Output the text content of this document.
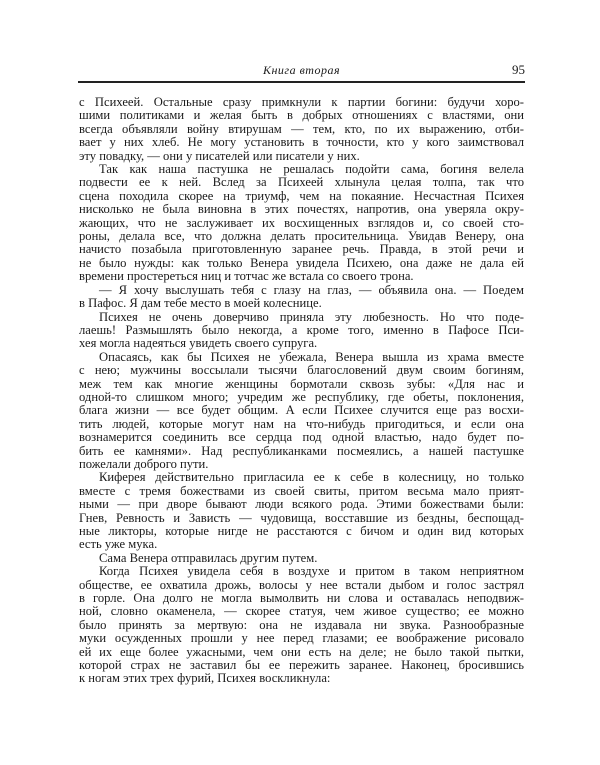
Книга вторая	95
с Психеей. Остальные сразу примкнули к партии богини: будучи хоро-
шими политиками и желая быть в добрых отношениях с властями, они
всегда объявляли войну втирушам — тем, кто, по их выражению, отби-
вает у них хлеб. Не могу установить в точности, кто у кого заимствовал
эту повадку, — они у писателей или писатели у них.
Так как наша пастушка не решалась подойти сама, богиня велела
подвести ее к ней. Вслед за Психеей хлынула целая толпа, так что
сцена походила скорее на триумф, чем на покаяние. Несчастная Психея
нисколько не была виновна в этих почестях, напротив, она уверяла окру-
жающих, что не заслуживает их восхищенных взглядов и, со своей сто-
роны, делала все, что должна делать просительница. Увидав Венеру, она
начисто позабыла приготовленную заранее речь. Правда, в этой речи и
не было нужды: как только Венера увидела Психею, она даже не дала ей
времени простереться ниц и тотчас же встала со своего трона.
— Я хочу выслушать тебя с глазу на глаз, — объявила она. — Поедем
в Пафос. Я дам тебе место в моей колеснице.
Психея не очень доверчиво приняла эту любезность. Но что поде-
лаешь! Размышлять было некогда, а кроме того, именно в Пафосе Пси-
хея могла надеяться увидеть своего супруга.
Опасаясь, как бы Психея не убежала, Венера вышла из храма вместе
с нею; мужчины воссылали тысячи благословений двум своим богиням,
меж тем как многие женщины бормотали сквозь зубы: «Для нас и
одной-то слишком много; учредим же республику, где обеты, поклонения,
блага жизни — все будет общим. А если Психее случится еще раз восхи-
тить людей, которые могут нам на что-нибудь пригодиться, и если она
вознамерится соединить все сердца под одной властью, надо будет по-
бить ее камнями». Над республиканками посмеялись, а нашей пастушке
пожелали доброго пути.
Киферея действительно пригласила ее к себе в колесницу, но только
вместе с тремя божествами из своей свиты, притом весьма мало прият-
ными — при дворе бывают люди всякого рода. Этими божествами были:
Гнев, Ревность и Зависть — чудовища, восставшие из бездны, беспощад-
ные ликторы, которые нигде не расстаются с бичом и один вид которых
есть уже мука.
Сама Венера отправилась другим путем.
Когда Психея увидела себя в воздухе и притом в таком неприятном
обществе, ее охватила дрожь, волосы у нее встали дыбом и голос застрял
в горле. Она долго не могла вымолвить ни слова и оставалась неподвиж-
ной, словно окаменела, — скорее статуя, чем живое существо; ее можно
было принять за мертвую: она не издавала ни звука. Разнообразные
муки осужденных прошли у нее перед глазами; ее воображение рисовало
ей их еще более ужасными, чем они есть на деле; не было такой пытки,
которой страх не заставил бы ее пережить заранее. Наконец, бросившись
к ногам этих трех фурий, Психея воскликнула:
